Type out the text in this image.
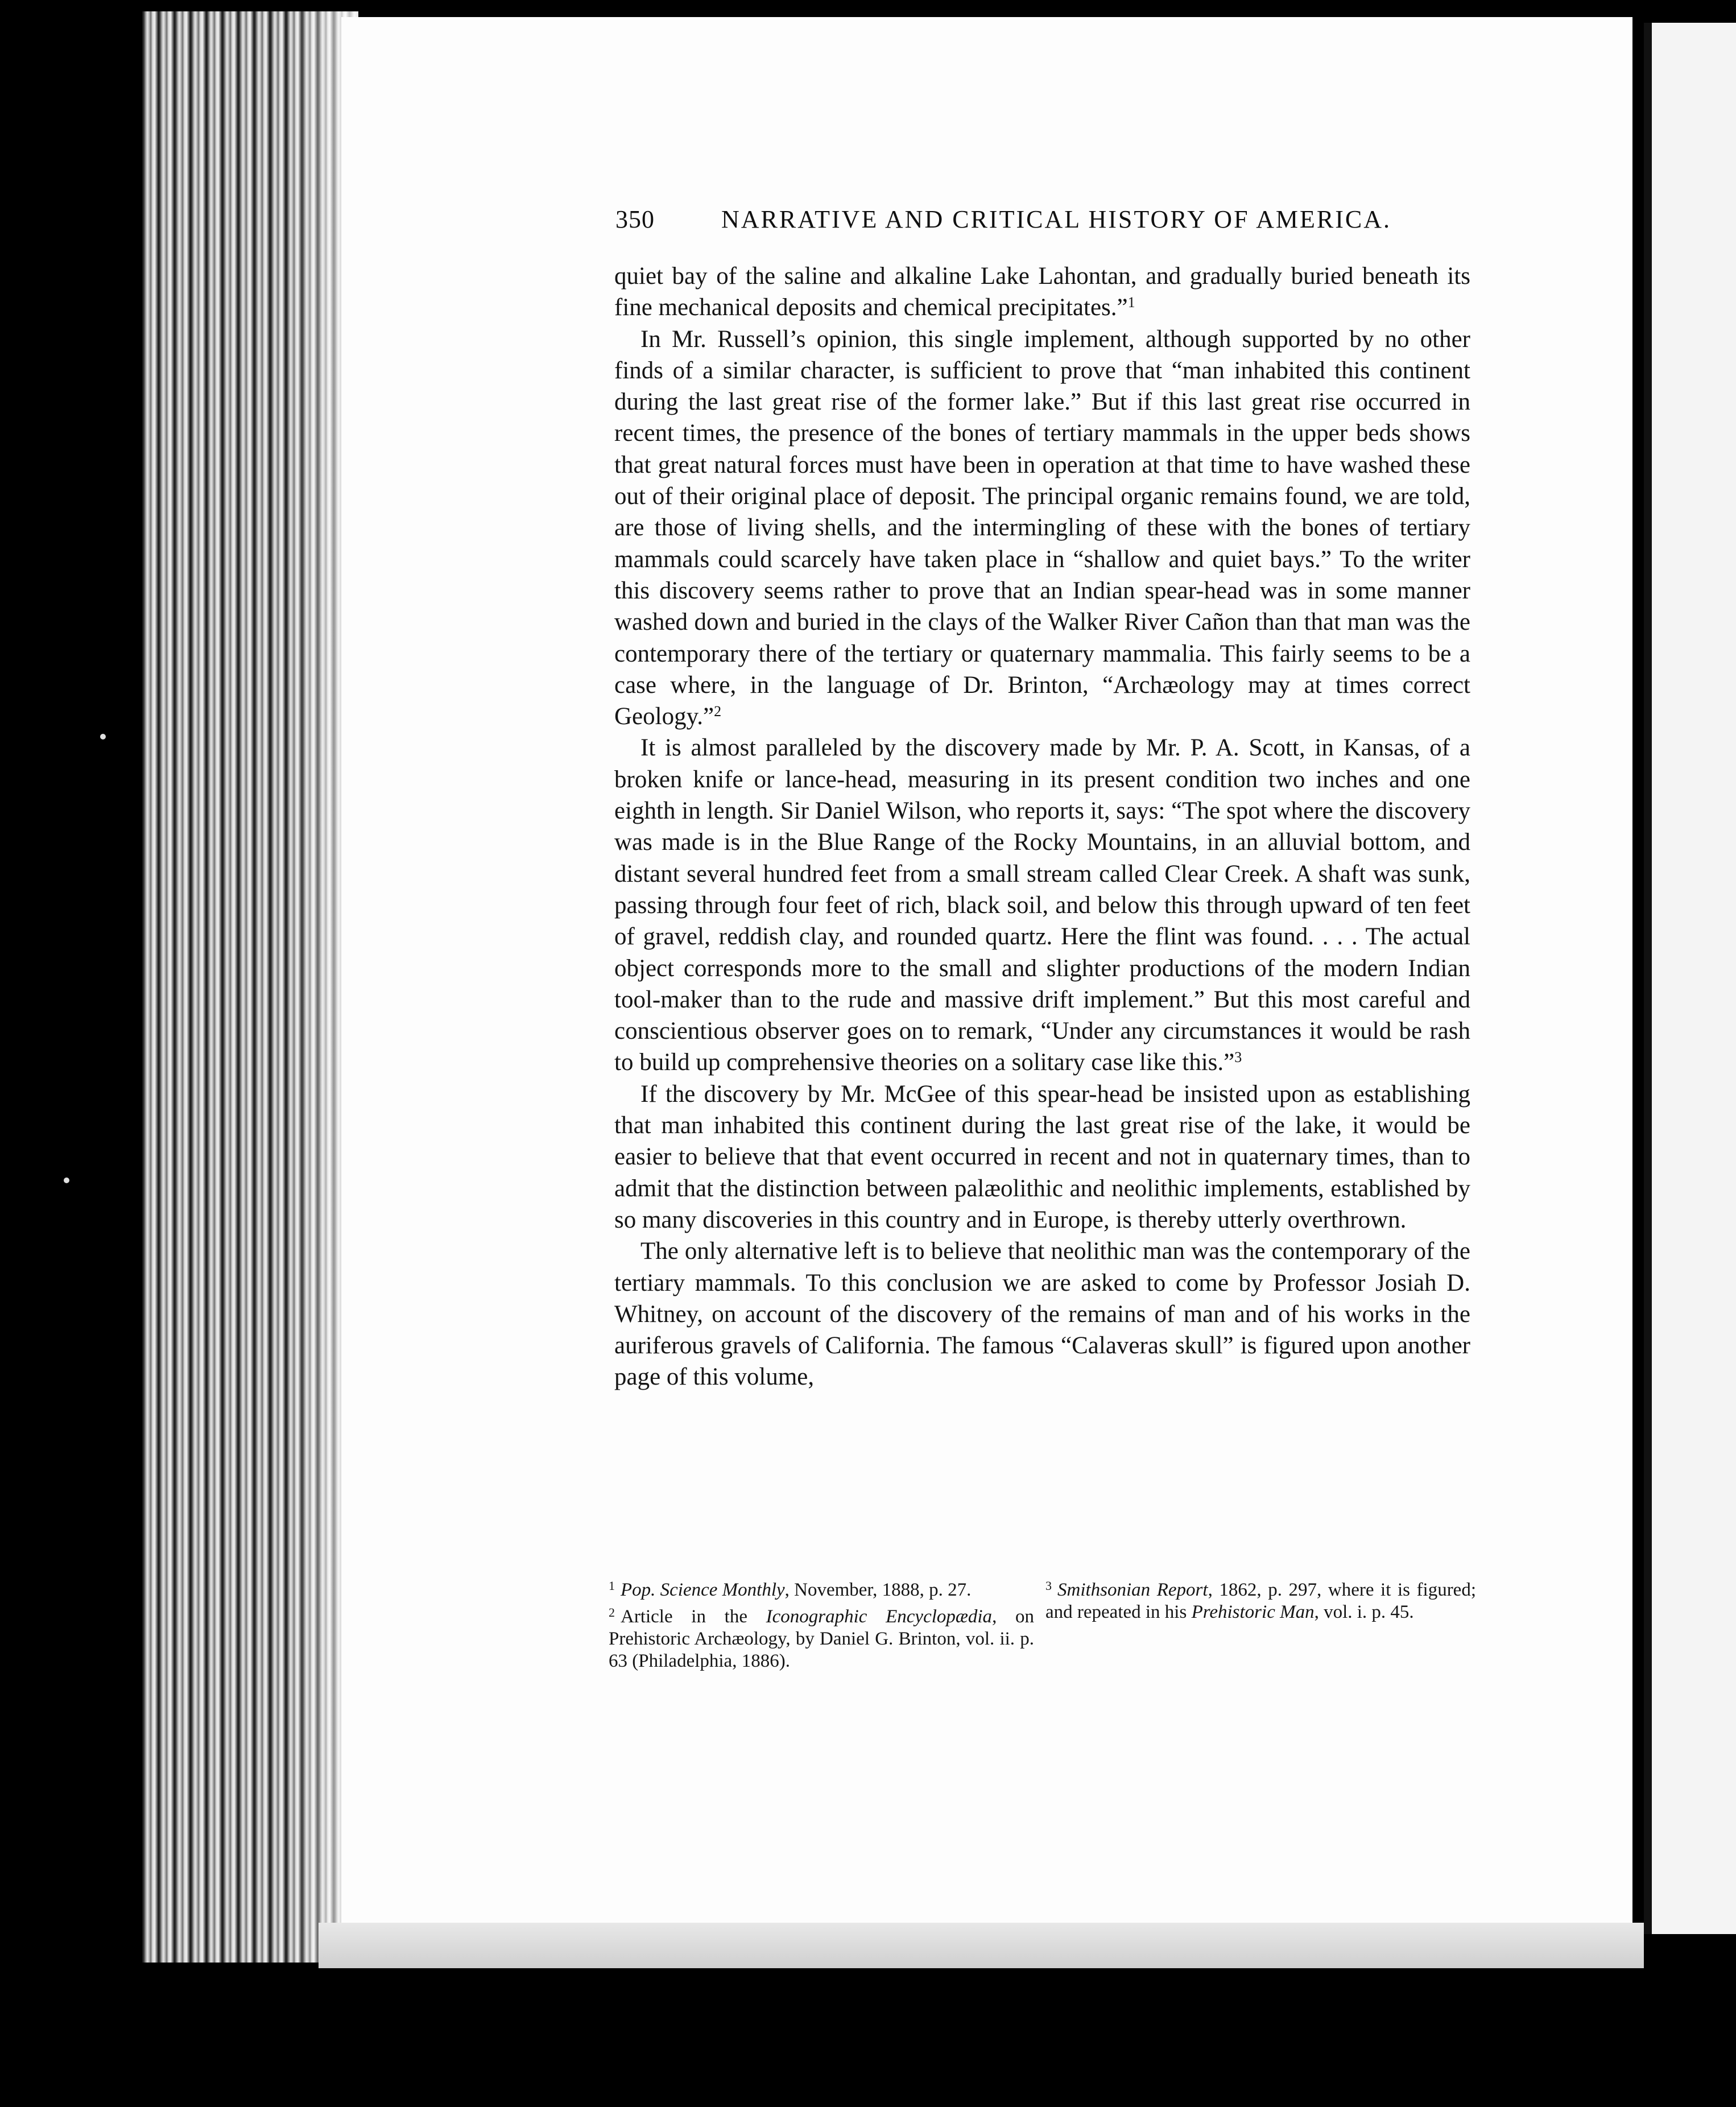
350	NARRATIVE AND CRITICAL HISTORY OF AMERICA.

quiet bay of the saline and alkaline Lake Lahontan, and gradually buried beneath its fine mechanical deposits and chemical precipitates.”$^1$

In Mr. Russell’s opinion, this single implement, although supported by no other finds of a similar character, is sufficient to prove that “man inhabited this continent during the last great rise of the former lake.” But if this last great rise occurred in recent times, the presence of the bones of tertiary mammals in the upper beds shows that great natural forces must have been in operation at that time to have washed these out of their original place of deposit. The principal organic remains found, we are told, are those of living shells, and the intermingling of these with the bones of tertiary mammals could scarcely have taken place in “shallow and quiet bays.” To the writer this discovery seems rather to prove that an Indian spear-head was in some manner washed down and buried in the clays of the Walker River Cañon than that man was the contemporary there of the tertiary or quaternary mammalia. This fairly seems to be a case where, in the language of Dr. Brinton, “Archæology may at times correct Geology.”$^2$

It is almost paralleled by the discovery made by Mr. P. A. Scott, in Kansas, of a broken knife or lance-head, measuring in its present condition two inches and one eighth in length. Sir Daniel Wilson, who reports it, says: “The spot where the discovery was made is in the Blue Range of the Rocky Mountains, in an alluvial bottom, and distant several hundred feet from a small stream called Clear Creek. A shaft was sunk, passing through four feet of rich, black soil, and below this through upward of ten feet of gravel, reddish clay, and rounded quartz. Here the flint was found. . . . The actual object corresponds more to the small and slighter productions of the modern Indian tool-maker than to the rude and massive drift implement.” But this most careful and conscientious observer goes on to remark, “Under any circumstances it would be rash to build up comprehensive theories on a solitary case like this.”$^3$

If the discovery by Mr. McGee of this spear-head be insisted upon as establishing that man inhabited this continent during the last great rise of the lake, it would be easier to believe that that event occurred in recent and not in quaternary times, than to admit that the distinction between palæolithic and neolithic implements, established by so many discoveries in this country and in Europe, is thereby utterly overthrown.

The only alternative left is to believe that neolithic man was the contemporary of the tertiary mammals. To this conclusion we are asked to come by Professor Josiah D. Whitney, on account of the discovery of the remains of man and of his works in the auriferous gravels of California. The famous “Calaveras skull” is figured upon another page of this volume,

$^1$ Pop. Science Monthly, November, 1888, p. 27.

$^2$ Article in the Iconographic Encyclopædia, on Prehistoric Archæology, by Daniel G. Brinton, vol. ii. p. 63 (Philadelphia, 1886).

$^3$ Smithsonian Report, 1862, p. 297, where it is figured; and repeated in his Prehistoric Man, vol. i. p. 45.
